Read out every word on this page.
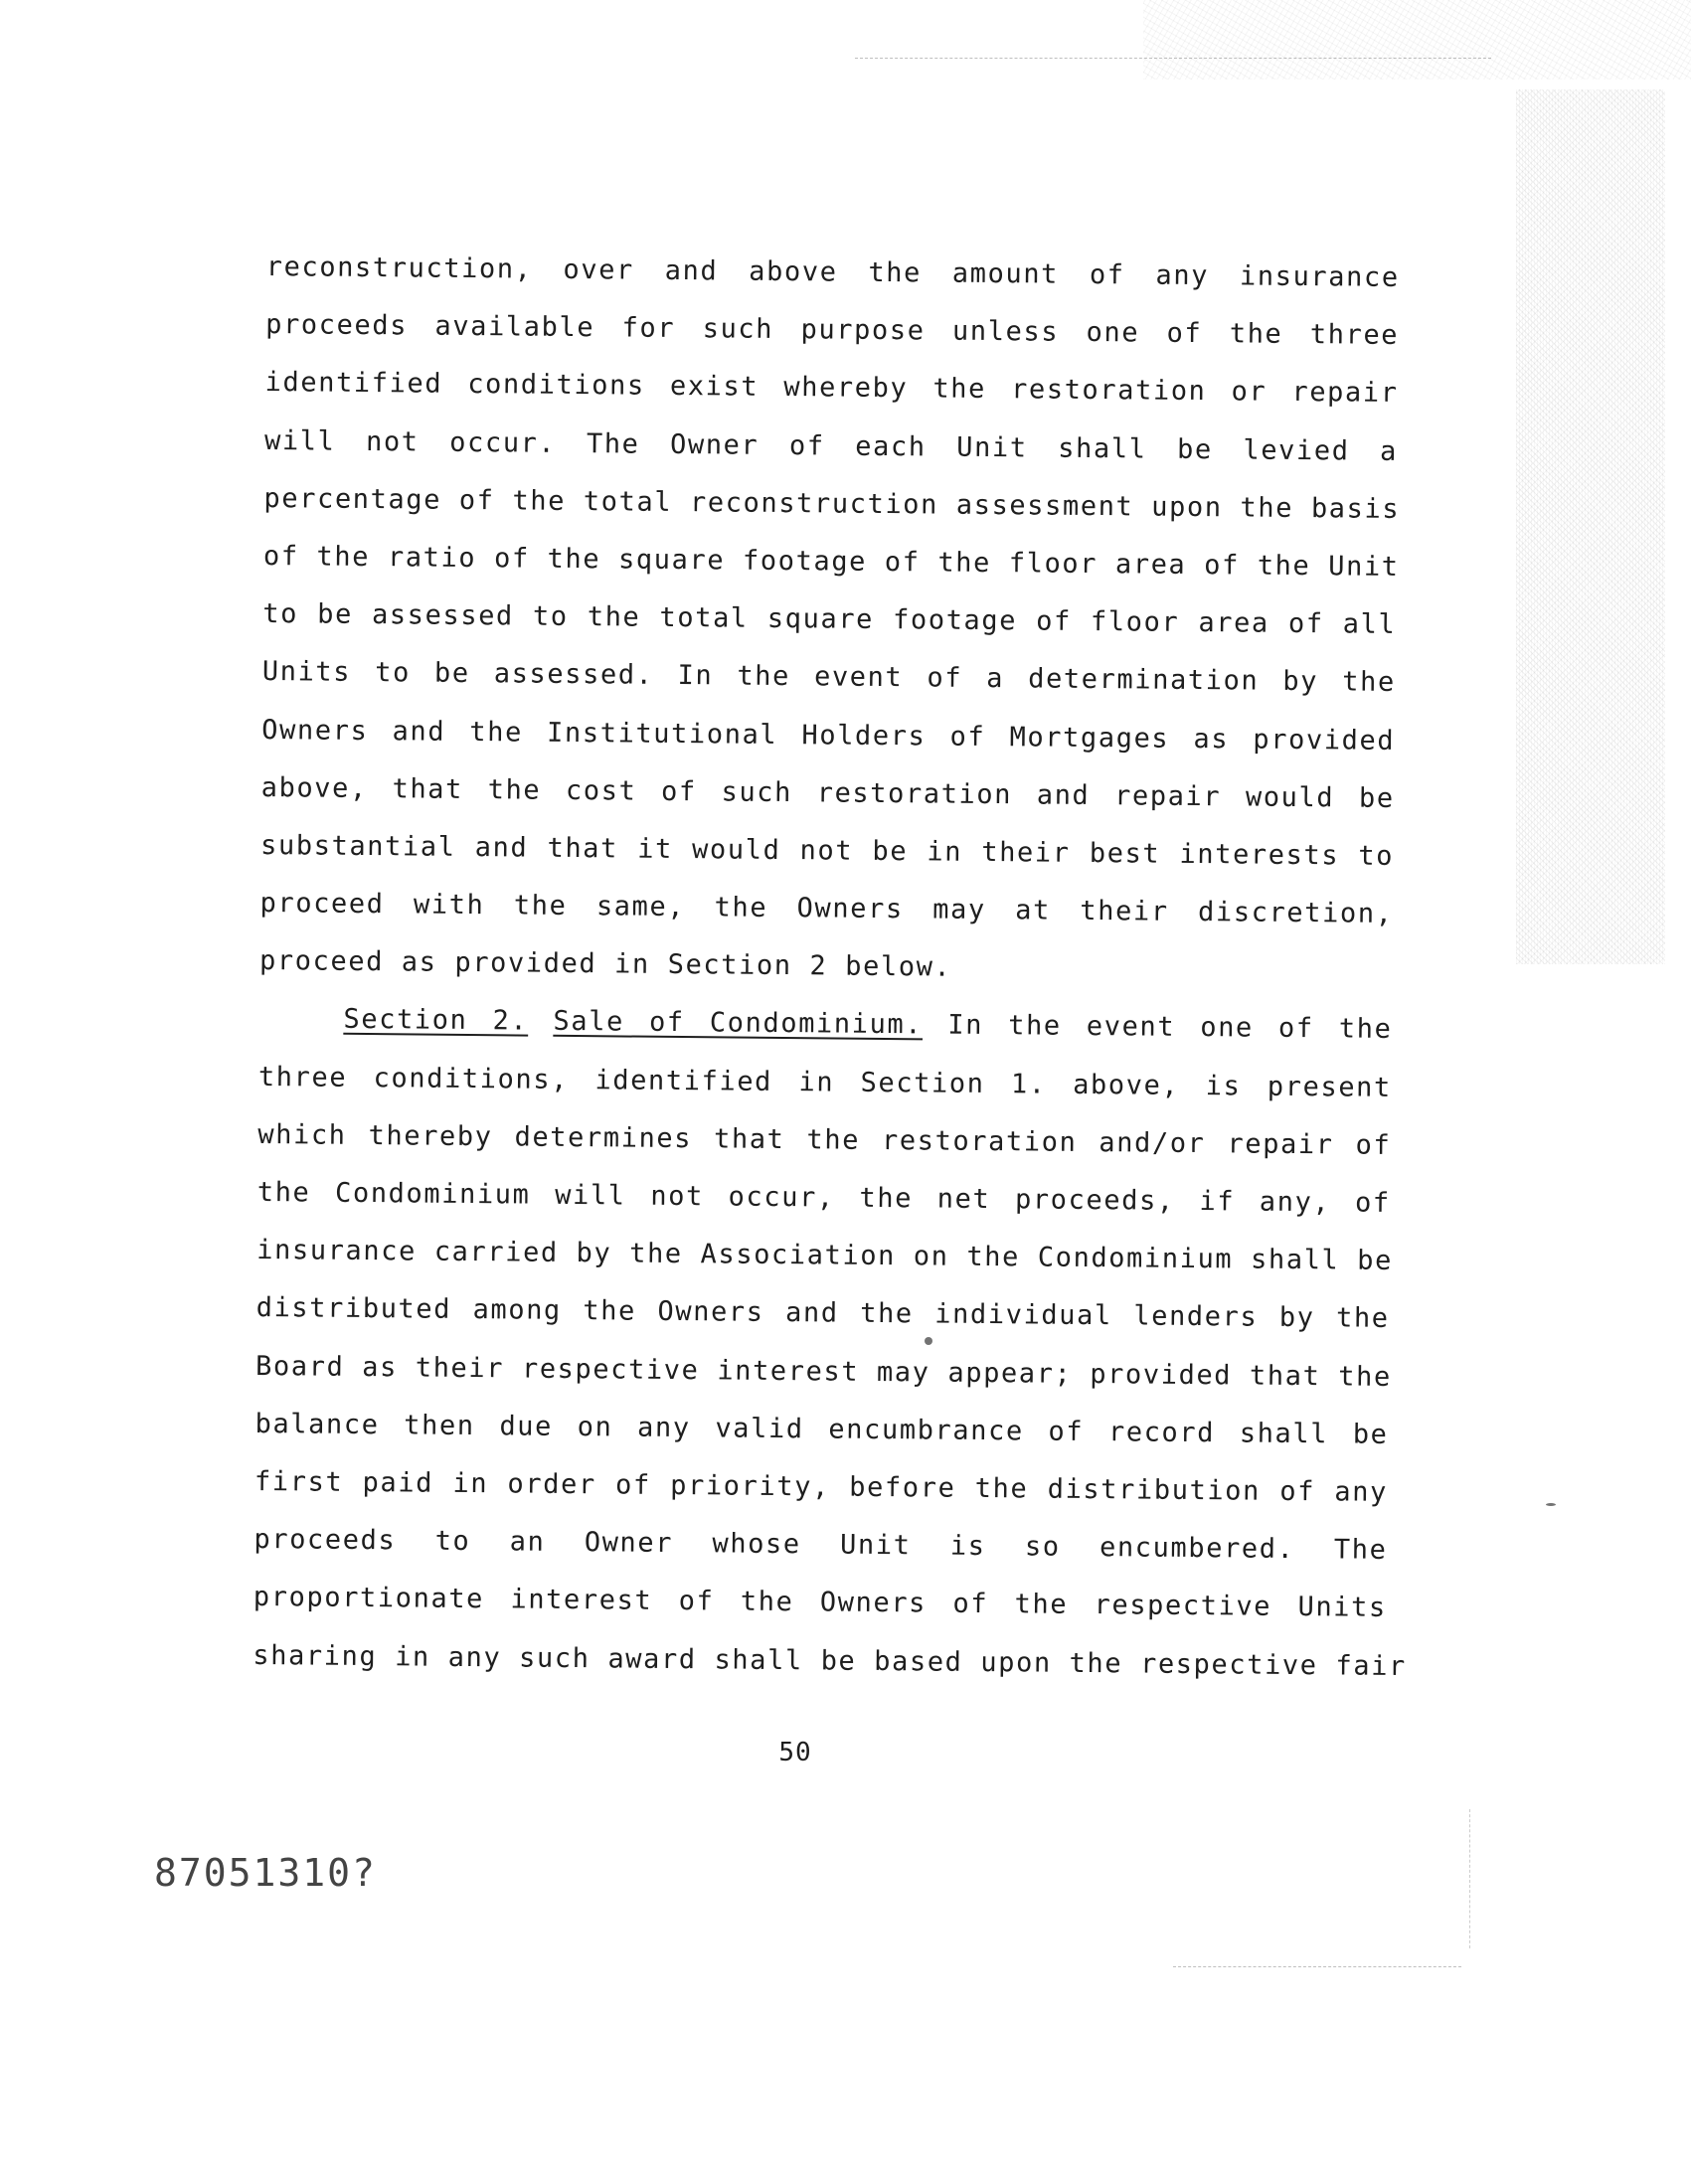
reconstruction, over and above the amount of any insurance
proceeds available for such purpose unless one of the three
identified conditions exist whereby the restoration or repair
will not occur. The Owner of each Unit shall be levied a
percentage of the total reconstruction assessment upon the basis
of the ratio of the square footage of the floor area of the Unit
to be assessed to the total square footage of floor area of all
Units to be assessed. In the event of a determination by the
Owners and the Institutional Holders of Mortgages as provided
above, that the cost of such restoration and repair would be
substantial and that it would not be in their best interests to
proceed with the same, the Owners may at their discretion,
proceed as provided in Section 2 below.
Section 2. Sale of Condominium. In the event one of the
three conditions, identified in Section 1. above, is present
which thereby determines that the restoration and/or repair of
the Condominium will not occur, the net proceeds, if any, of
insurance carried by the Association on the Condominium shall be
distributed among the Owners and the individual lenders by the
Board as their respective interest may appear; provided that the
balance then due on any valid encumbrance of record shall be
first paid in order of priority, before the distribution of any
proceeds to an Owner whose Unit is so encumbered. The
proportionate interest of the Owners of the respective Units
sharing in any such award shall be based upon the respective fair
50
87051310?
